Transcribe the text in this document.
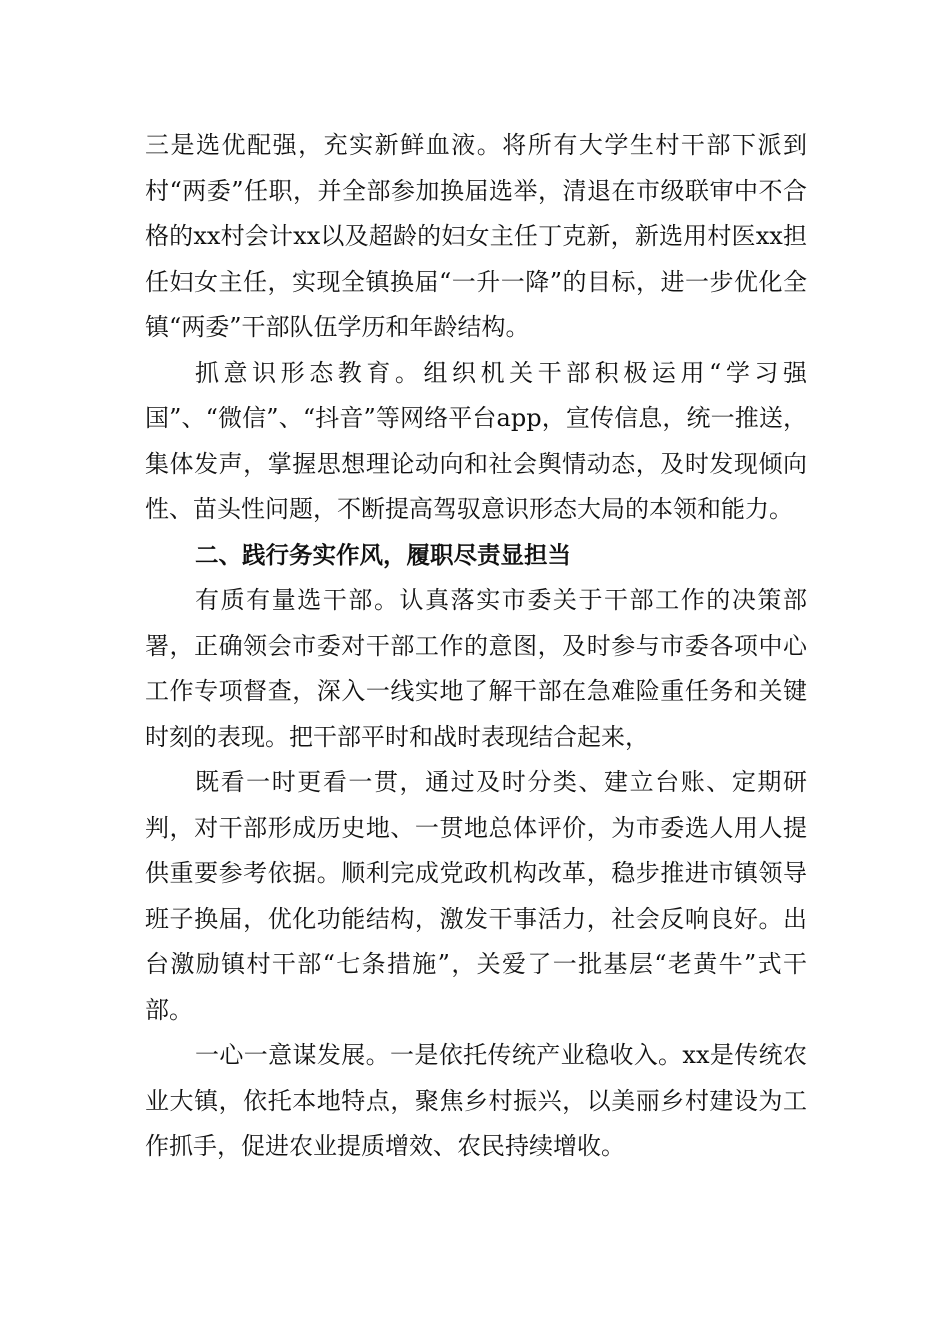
三是选优配强，充实新鲜血液。将所有大学生村干部下派到村“两委”任职，并全部参加换届选举，清退在市级联审中不合格的xx村会计xx以及超龄的妇女主任丁克新，新选用村医xx担任妇女主任，实现全镇换届“一升一降”的目标，进一步优化全镇“两委”干部队伍学历和年龄结构。

抓意识形态教育。组织机关干部积极运用“学习强国”、“微信”、“抖音”等网络平台app，宣传信息，统一推送，集体发声，掌握思想理论动向和社会舆情动态，及时发现倾向性、苗头性问题，不断提高驾驭意识形态大局的本领和能力。

二、践行务实作风，履职尽责显担当

有质有量选干部。认真落实市委关于干部工作的决策部署，正确领会市委对干部工作的意图，及时参与市委各项中心工作专项督查，深入一线实地了解干部在急难险重任务和关键时刻的表现。把干部平时和战时表现结合起来，

既看一时更看一贯，通过及时分类、建立台账、定期研判，对干部形成历史地、一贯地总体评价，为市委选人用人提供重要参考依据。顺利完成党政机构改革，稳步推进市镇领导班子换届，优化功能结构，激发干事活力，社会反响良好。出台激励镇村干部“七条措施”，关爱了一批基层“老黄牛”式干部。

一心一意谋发展。一是依托传统产业稳收入。xx是传统农业大镇，依托本地特点，聚焦乡村振兴，以美丽乡村建设为工作抓手，促进农业提质增效、农民持续增收。
